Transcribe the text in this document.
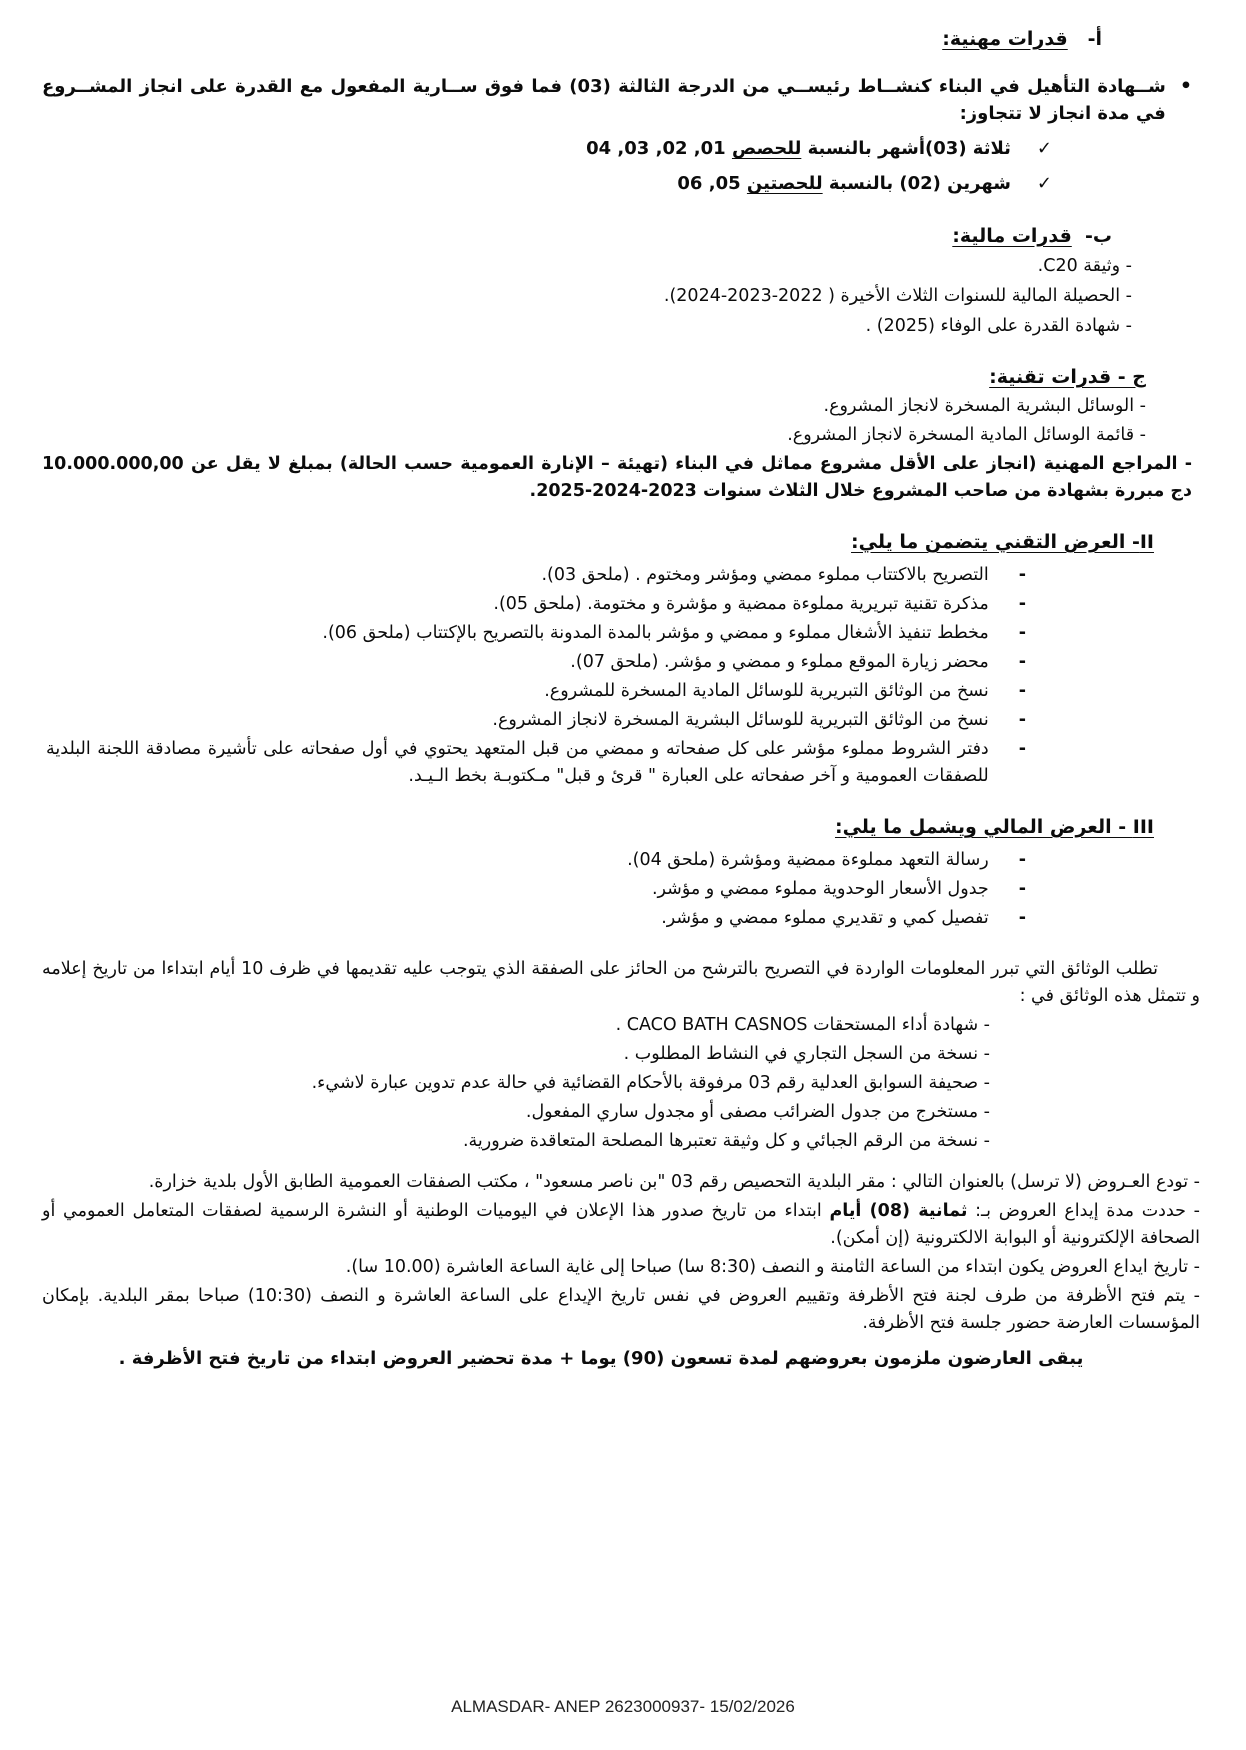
أ-   قدرات مهنية:

•

شــهادة التأهيل في البناء كنشــاط رئيســي من الدرجة الثالثة (03) فما فوق ســارية المفعول مع القدرة على انجاز المشــروع في مدة انجاز لا تتجاوز:

✓

ثلاثة (03)أشهر بالنسبة للحصص 01, 02, 03, 04

✓

شهرين (02) بالنسبة للحصتين 05, 06

ب-  قدرات مالية:

- وثيقة C20.

- الحصيلة المالية للسنوات الثلاث الأخيرة ( 2022-2023-2024).

- شهادة القدرة على الوفاء (2025) .

ج - قدرات تقنية:

- الوسائل البشرية المسخرة لانجاز المشروع.

- قائمة الوسائل المادية المسخرة لانجاز المشروع.

- المراجع المهنية (انجاز على الأقل مشروع مماثل في البناء (تهيئة – الإنارة العمومية حسب الحالة) بمبلغ لا يقل عن 10.000.000,00 دج مبررة بشهادة من صاحب المشروع خلال الثلاث سنوات 2023-2024-2025.

II- العرض التقني يتضمن ما يلي:

-

التصريح بالاكتتاب مملوء ممضي ومؤشر ومختوم . (ملحق 03).

-

مذكرة تقنية تبريرية مملوءة ممضية و مؤشرة و مختومة. (ملحق 05).

-

مخطط تنفيذ الأشغال مملوء و ممضي و مؤشر بالمدة المدونة بالتصريح بالإكتتاب (ملحق 06).

-

محضر زيارة الموقع مملوء و ممضي و مؤشر. (ملحق 07).

-

نسخ من الوثائق التبريرية للوسائل المادية المسخرة للمشروع.

-

نسخ من الوثائق التبريرية للوسائل البشرية المسخرة لانجاز المشروع.

-

دفتر الشروط مملوء مؤشر على كل صفحاته و ممضي من قبل المتعهد يحتوي في أول صفحاته على تأشيرة مصادقة اللجنة البلدية للصفقات العمومية و آخر صفحاته على العبارة " قرئ و قبل" مـكتوبـة بخط الـيـد.

III - العرض المالي ويشمل ما يلي:

-

رسالة التعهد مملوءة ممضية ومؤشرة (ملحق 04).

-

جدول الأسعار الوحدوية مملوء ممضي و مؤشر.

-

تفصيل كمي و تقديري مملوء ممضي و مؤشر.

تطلب الوثائق التي تبرر المعلومات الواردة في التصريح بالترشح من الحائز على الصفقة الذي يتوجب عليه تقديمها في ظرف 10 أيام ابتداءا من تاريخ إعلامه و تتمثل هذه الوثائق في :

- شهادة أداء المستحقات CACO BATH CASNOS .

- نسخة من السجل التجاري في النشاط المطلوب .

- صحيفة السوابق العدلية رقم 03 مرفوقة بالأحكام القضائية في حالة عدم تدوين عبارة لاشيء.

- مستخرج من جدول الضرائب مصفى أو مجدول ساري المفعول.

- نسخة من الرقم الجبائي و كل وثيقة تعتبرها المصلحة المتعاقدة ضرورية.

- تودع العـروض (لا ترسل) بالعنوان التالي : مقر البلدية التحصيص رقم 03 "بن ناصر مسعود" ، مكتب الصفقات العمومية الطابق الأول بلدية خزارة.

- حددت مدة إيداع العروض بـ: ثمانية (08) أيام ابتداء من تاريخ صدور هذا الإعلان في اليوميات الوطنية أو النشرة الرسمية لصفقات المتعامل العمومي أو الصحافة الإلكترونية أو البوابة الالكترونية (إن أمكن).

- تاريخ ايداع العروض يكون ابتداء من الساعة الثامنة و النصف (8:30 سا) صباحا إلى غاية الساعة العاشرة (10.00 سا).

- يتم فتح الأظرفة من طرف لجنة فتح الأظرفة وتقييم العروض في نفس تاريخ الإيداع على الساعة العاشرة و النصف (10:30) صباحا بمقر البلدية. بإمكان المؤسسات العارضة حضور جلسة فتح الأظرفة.

يبقى العارضون ملزمون بعروضهم لمدة تسعون (90) يوما + مدة تحضير العروض ابتداء من تاريخ فتح الأظرفة .

ALMASDAR- ANEP 2623000937- 15/02/2026
